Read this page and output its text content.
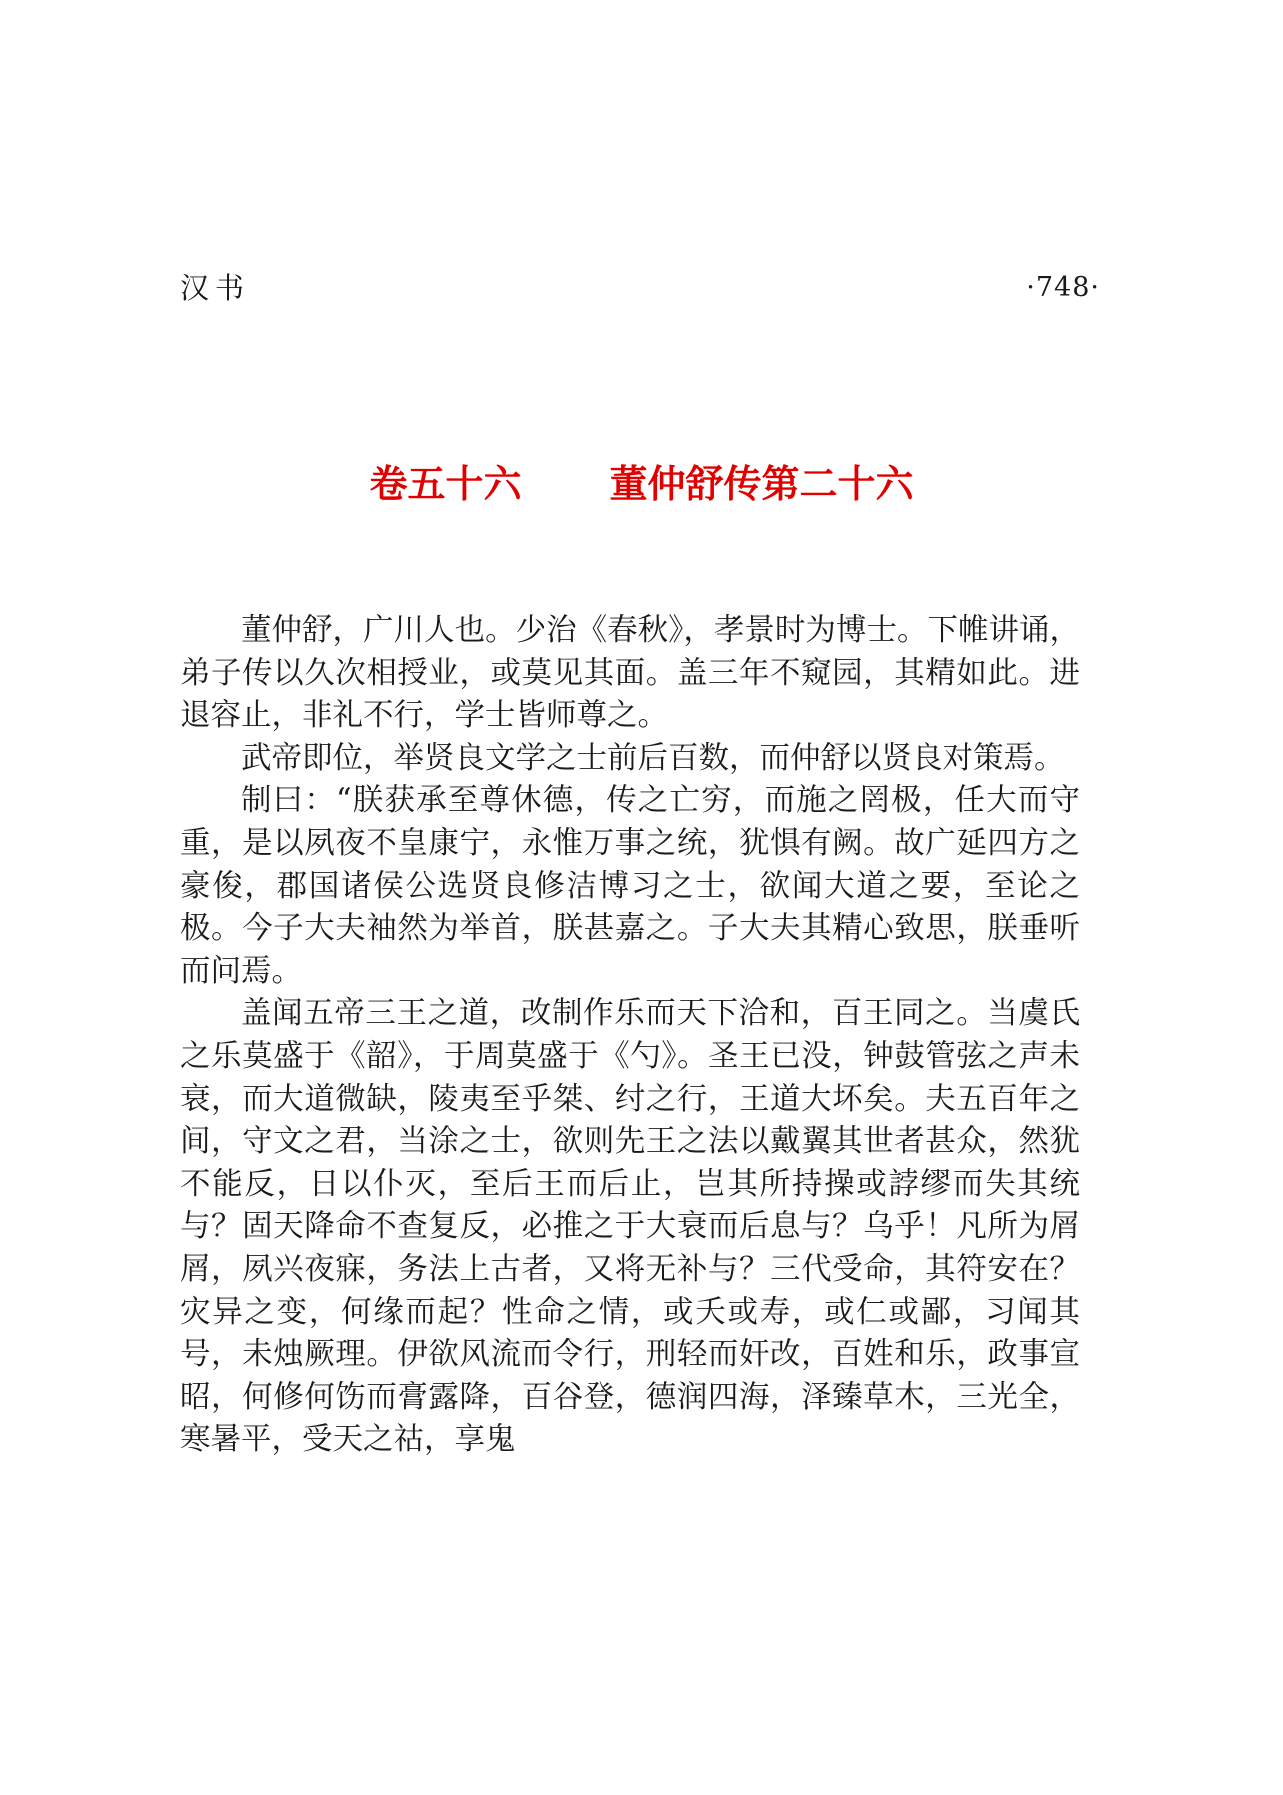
汉书	·748·
卷五十六 董仲舒传第二十六

董仲舒，广川人也。少治《春秋》，孝景时为博士。下帷讲诵，弟子传以久次相授业，或莫见其面。盖三年不窥园，其精如此。进退容止，非礼不行，学士皆师尊之。

武帝即位，举贤良文学之士前后百数，而仲舒以贤良对策焉。

制曰：“朕获承至尊休德，传之亡穷，而施之罔极，任大而守重，是以夙夜不皇康宁，永惟万事之统，犹惧有阙。故广延四方之豪俊，郡国诸侯公选贤良修洁博习之士，欲闻大道之要，至论之极。今子大夫袖然为举首，朕甚嘉之。子大夫其精心致思，朕垂听而问焉。

盖闻五帝三王之道，改制作乐而天下洽和，百王同之。当虞氏之乐莫盛于《韶》，于周莫盛于《勺》。圣王已没，钟鼓管弦之声未衰，而大道微缺，陵夷至乎桀、纣之行，王道大坏矣。夫五百年之间，守文之君，当涂之士，欲则先王之法以戴翼其世者甚众，然犹不能反，日以仆灭，至后王而后止，岂其所持操或誖缪而失其统与？固天降命不查复反，必推之于大衰而后息与？乌乎！凡所为屑屑，夙兴夜寐，务法上古者，又将无补与？三代受命，其符安在？灾异之变，何缘而起？性命之情，或夭或寿，或仁或鄙，习闻其号，未烛厥理。伊欲风流而令行，刑轻而奸改，百姓和乐，政事宣昭，何修何饬而膏露降，百谷登，德润四海，泽臻草木，三光全，寒暑平，受天之祜，享鬼
